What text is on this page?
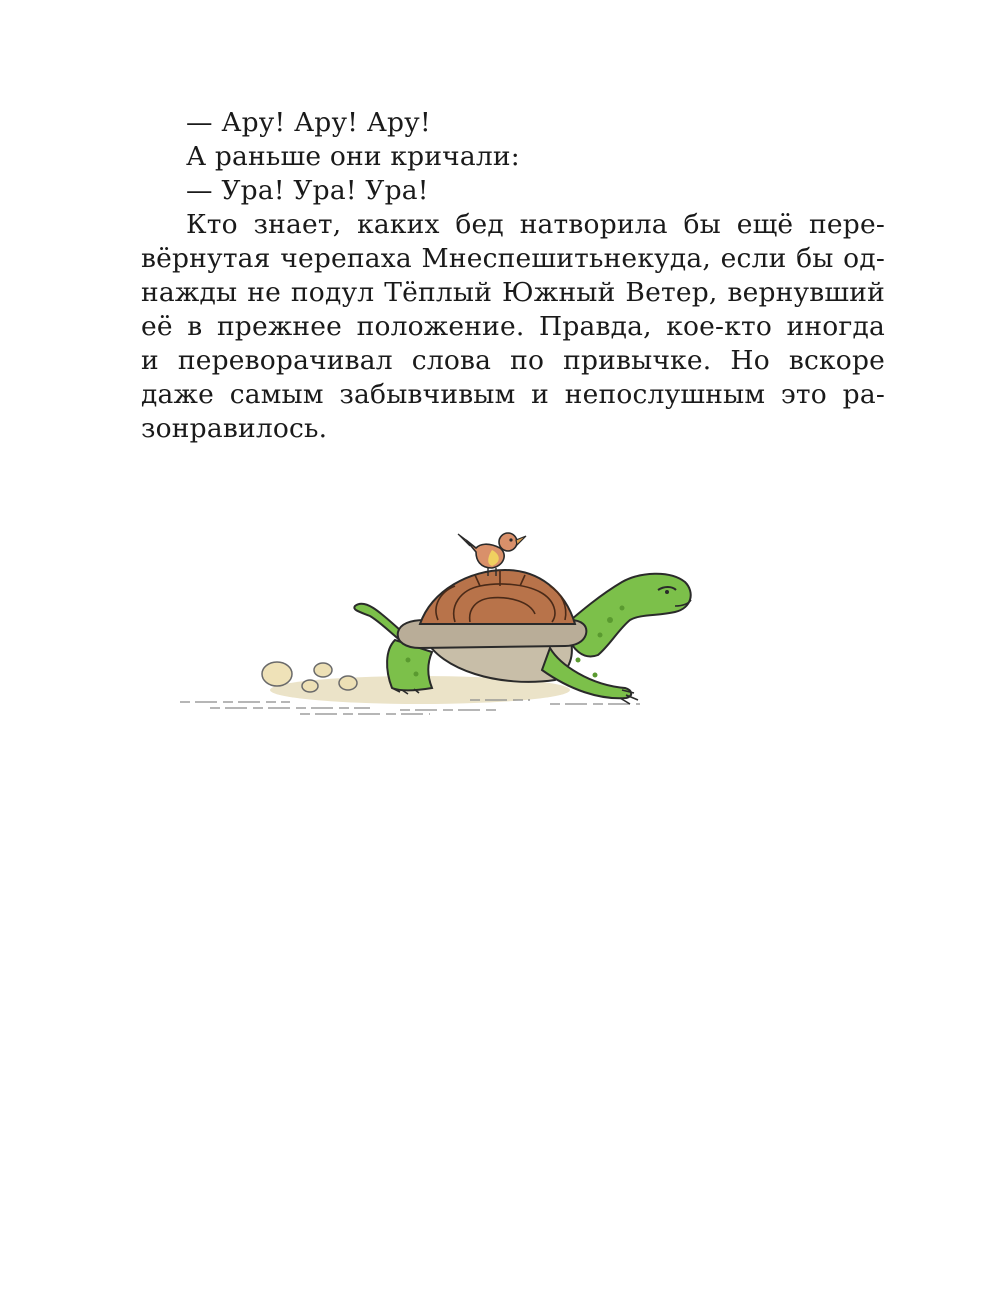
— Ару! Ару! Ару!
А раньше они кричали:
— Ура! Ура! Ура!
Кто знает, каких бед натворила бы ещё пере-
вёрнутая черепаха Мнеспешитьнекуда, если бы од-
нажды не подул Тёплый Южный Ветер, вернувший
её в прежнее положение. Правда, кое-кто иногда
и переворачивал слова по привычке. Но вскоре
даже самым забывчивым и непослушным это ра-
зонравилось.
